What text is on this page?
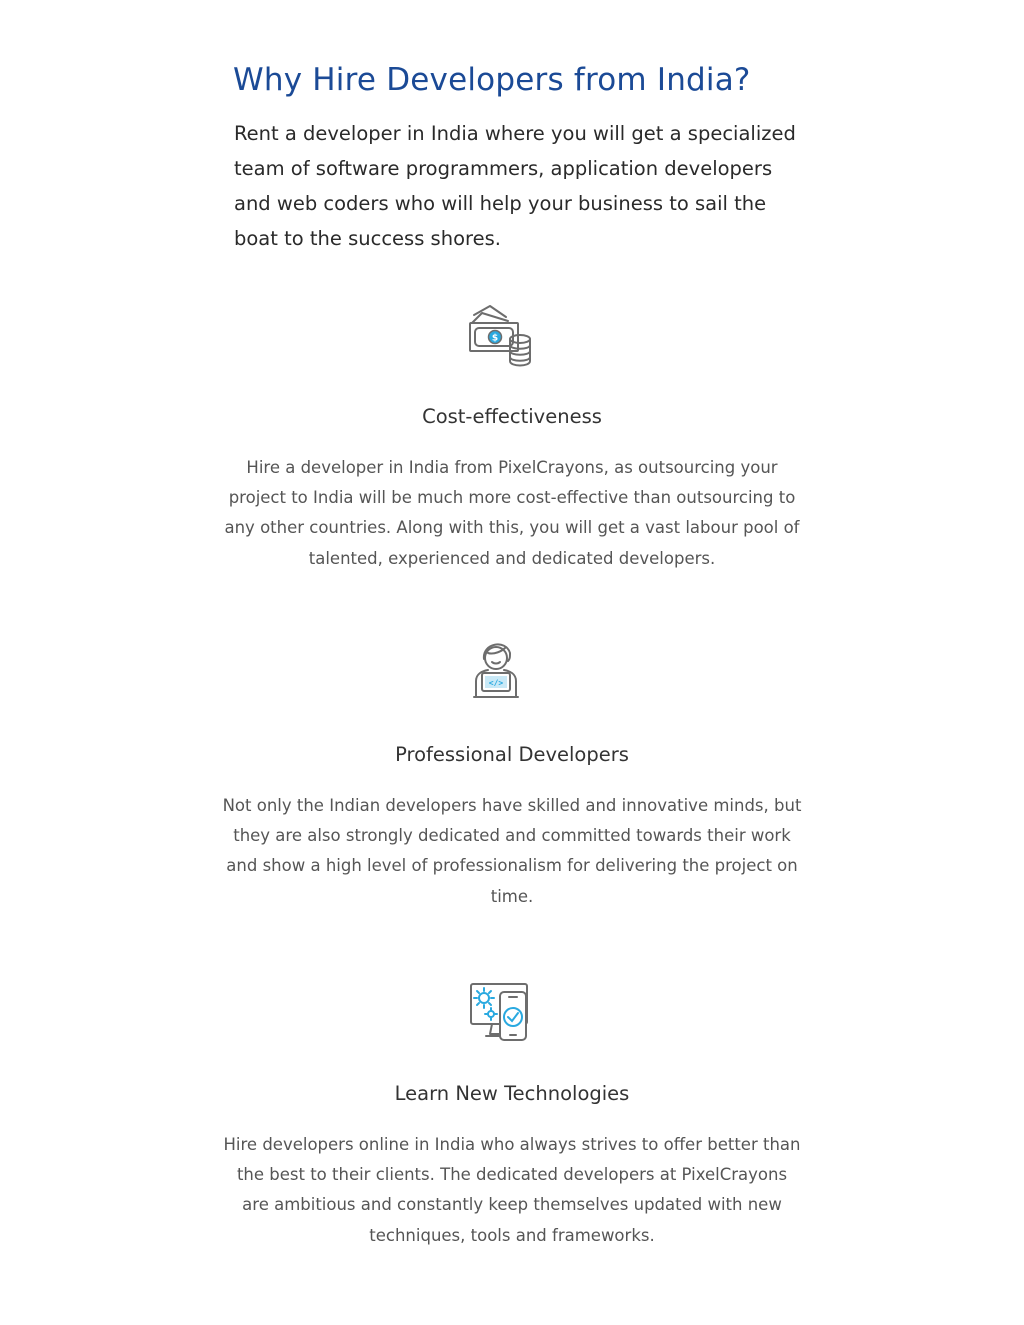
Why Hire Developers from India?

Rent a developer in India where you will get a specialized team of software programmers, application developers and web coders who will help your business to sail the boat to the success shores.

$
Cost-effectiveness

Hire a developer in India from PixelCrayons, as outsourcing your project to India will be much more cost-effective than outsourcing to any other countries. Along with this, you will get a vast labour pool of talented, experienced and dedicated developers.

</>
Professional Developers

Not only the Indian developers have skilled and innovative minds, but they are also strongly dedicated and committed towards their work and show a high level of professionalism for delivering the project on time.

Learn New Technologies

Hire developers online in India who always strives to offer better than the best to their clients. The dedicated developers at PixelCrayons are ambitious and constantly keep themselves updated with new techniques, tools and frameworks.
